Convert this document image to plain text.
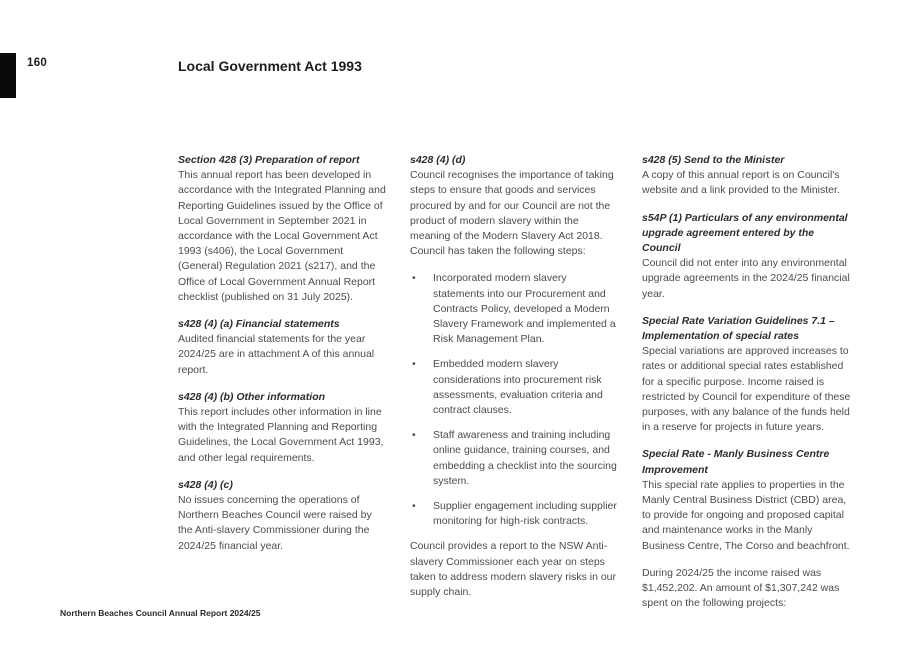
160	Local Government Act 1993
Section 428 (3) Preparation of report

This annual report has been developed in accordance with the Integrated Planning and Reporting Guidelines issued by the Office of Local Government in September 2021 in accordance with the Local Government Act 1993 (s406), the Local Government (General) Regulation 2021 (s217), and the Office of Local Government Annual Report checklist (published on 31 July 2025).

s428 (4) (a) Financial statements

Audited financial statements for the year 2024/25 are in attachment A of this annual report.

s428 (4) (b) Other information

This report includes other information in line with the Integrated Planning and Reporting Guidelines, the Local Government Act 1993, and other legal requirements.

s428 (4) (c)

No issues concerning the operations of Northern Beaches Council were raised by the Anti-slavery Commissioner during the 2024/25 financial year.

s428 (4) (d)

Council recognises the importance of taking steps to ensure that goods and services procured by and for our Council are not the product of modern slavery within the meaning of the Modern Slavery Act 2018. Council has taken the following steps:

• Incorporated modern slavery statements into our Procurement and Contracts Policy, developed a Modern Slavery Framework and implemented a Risk Management Plan.
• Embedded modern slavery considerations into procurement risk assessments, evaluation criteria and contract clauses.
• Staff awareness and training including online guidance, training courses, and embedding a checklist into the sourcing system.
• Supplier engagement including supplier monitoring for high-risk contracts.

Council provides a report to the NSW Anti-slavery Commissioner each year on steps taken to address modern slavery risks in our supply chain.

s428 (5) Send to the Minister

A copy of this annual report is on Council's website and a link provided to the Minister.

s54P (1) Particulars of any environmental upgrade agreement entered by the Council

Council did not enter into any environmental upgrade agreements in the 2024/25 financial year.

Special Rate Variation Guidelines 7.1 – Implementation of special rates

Special variations are approved increases to rates or additional special rates established for a specific purpose. Income raised is restricted by Council for expenditure of these purposes, with any balance of the funds held in a reserve for projects in future years.

Special Rate - Manly Business Centre Improvement

This special rate applies to properties in the Manly Central Business District (CBD) area, to provide for ongoing and proposed capital and maintenance works in the Manly Business Centre, The Corso and beachfront.

During 2024/25 the income raised was $1,452,202. An amount of $1,307,242 was spent on the following projects:

Northern Beaches Council Annual Report 2024/25
